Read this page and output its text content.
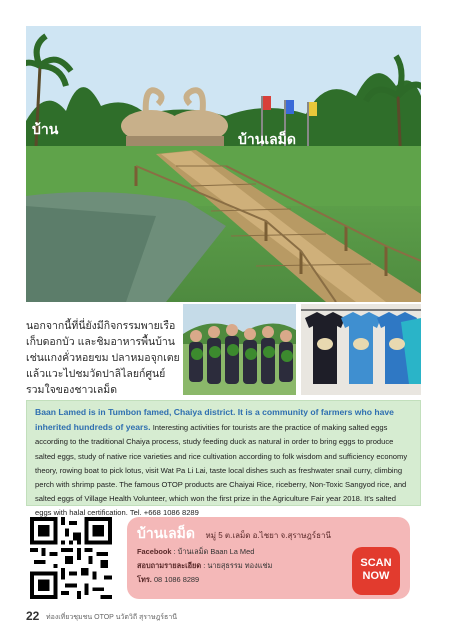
บ้าน
บ้านเลม็ด

นอกจากนี้ที่นี่ยังมีกิจกรรมพายเรือเก็บดอกบัว และชิมอาหารพื้นบ้านเช่นแกงคั่วหอยขม ปลาหมอจุกเตย แล้วแวะไปชมวัดปาลิไลยก์ศูนย์รวมใจของชาวเลม็ด

Baan Lamed is in Tumbon famed, Chaiya district. It is a community of farmers who have inherited hundreds of years. Interesting activities for tourists are the practice of making salted eggs according to the traditional Chaiya process, study feeding duck as natural in order to bring eggs to produce salted eggs, study of native rice varieties and rice cultivation according to folk wisdom and sufficiency economy theory, rowing boat to pick lotus, visit Wat Pa Li Lai, taste local dishes such as freshwater snail curry, climbing perch with shrimp paste. The famous OTOP products are Chaiyai Rice, riceberry, Non-Toxic Sangyod rice, and salted eggs of Village Health Volunteer, which won the first prize in the Agriculture Fair year 2018. It's salted eggs with halal certification. Tel. +668 1086 8289
บ้านเลม็ด หมู่ 5 ต.เลม็ด อ.ไชยา จ.สุราษฎร์ธานี
Facebook : บ้านเลม็ด Baan La Med
สอบถามรายละเอียด : นายสุธรรม ทองแช่ม
โทร. 08 1086 8289
SCAN
NOW
22 ท่องเที่ยวชุมชน OTOP นวัตวิถี สุราษฎร์ธานี
